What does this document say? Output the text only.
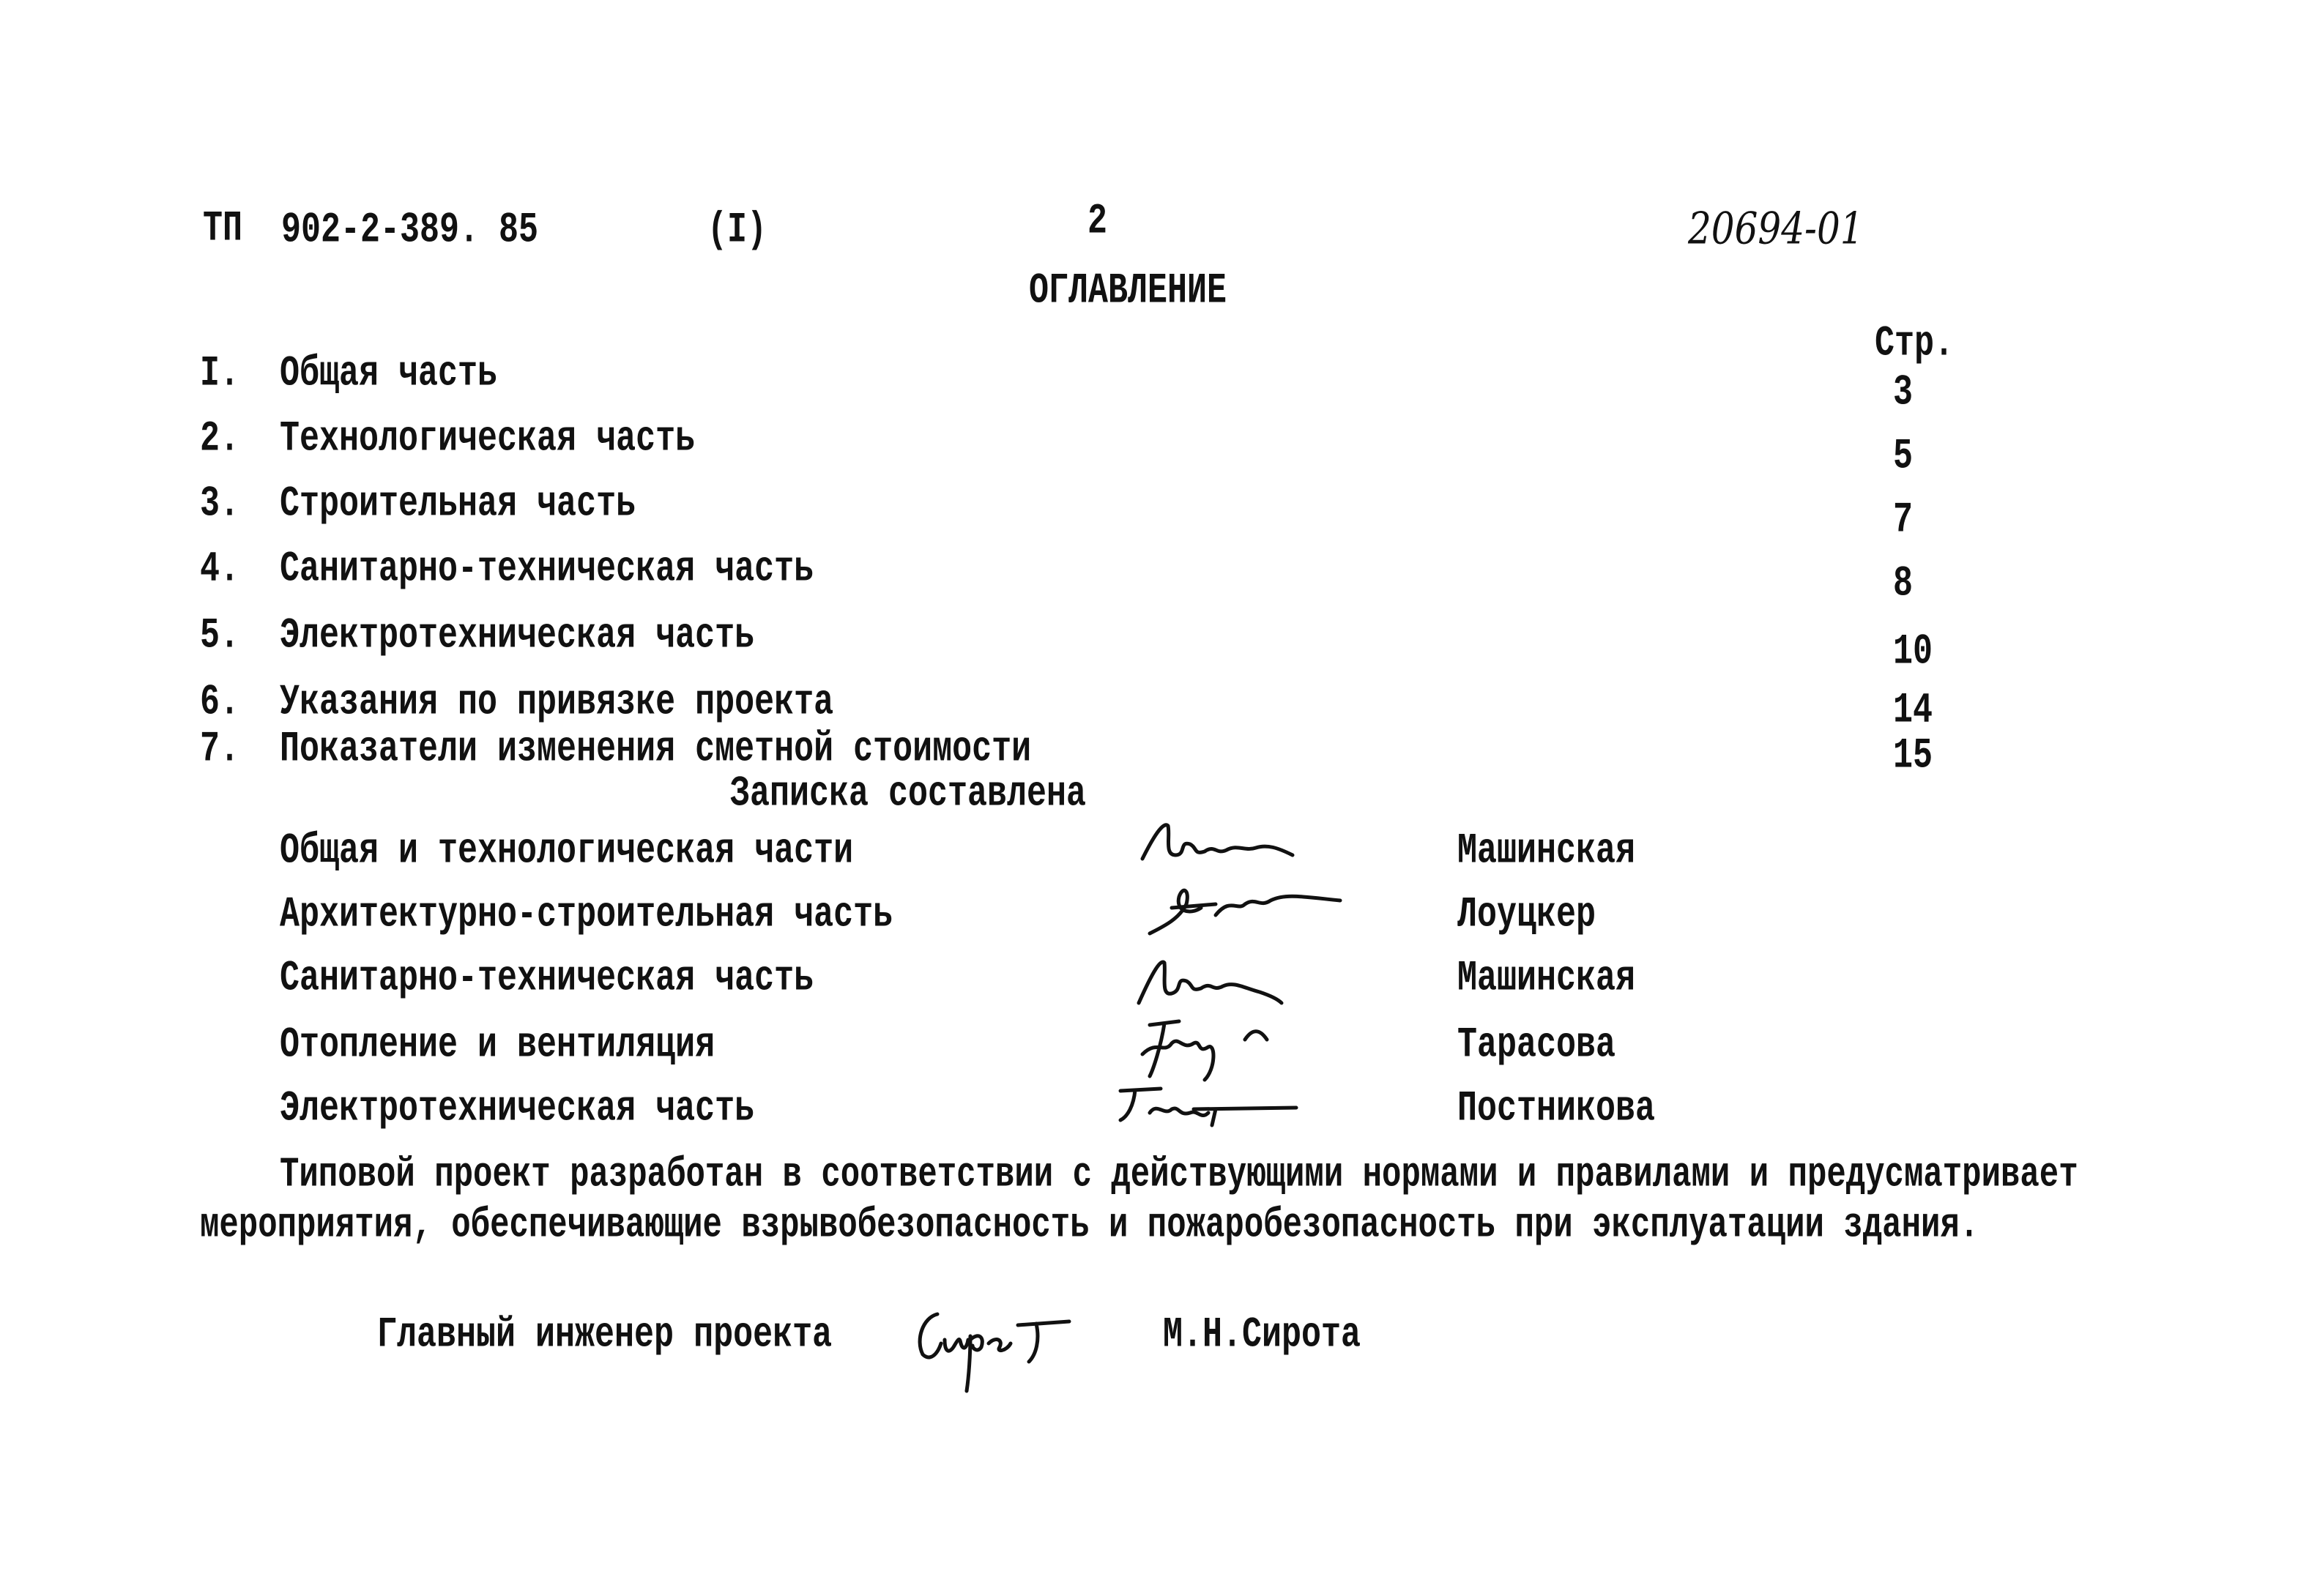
ТП 902-2-389. 85	(I)	2	20694-01
ОГЛАВЛЕНИЕ
Стр.
I. Общая часть	3
2. Технологическая часть	5
3. Строительная часть	7
4. Санитарно-техническая часть	8
5. Электротехническая часть	10
6. Указания по привязке проекта	14
7. Показатели изменения сметной стоимости	15
Записка составлена
Общая и технологическая части	Машинская
Архитектурно-строительная часть	Лоуцкер
Санитарно-техническая часть	Машинская
Отопление и вентиляция	Тарасова
Электротехническая часть	Постникова
Типовой проект разработан в соответствии с действующими нормами и правилами и предусматривает
мероприятия, обеспечивающие взрывобезопасность и пожаробезопасность при эксплуатации здания.
Главный инженер проекта	М.Н.Сирота
